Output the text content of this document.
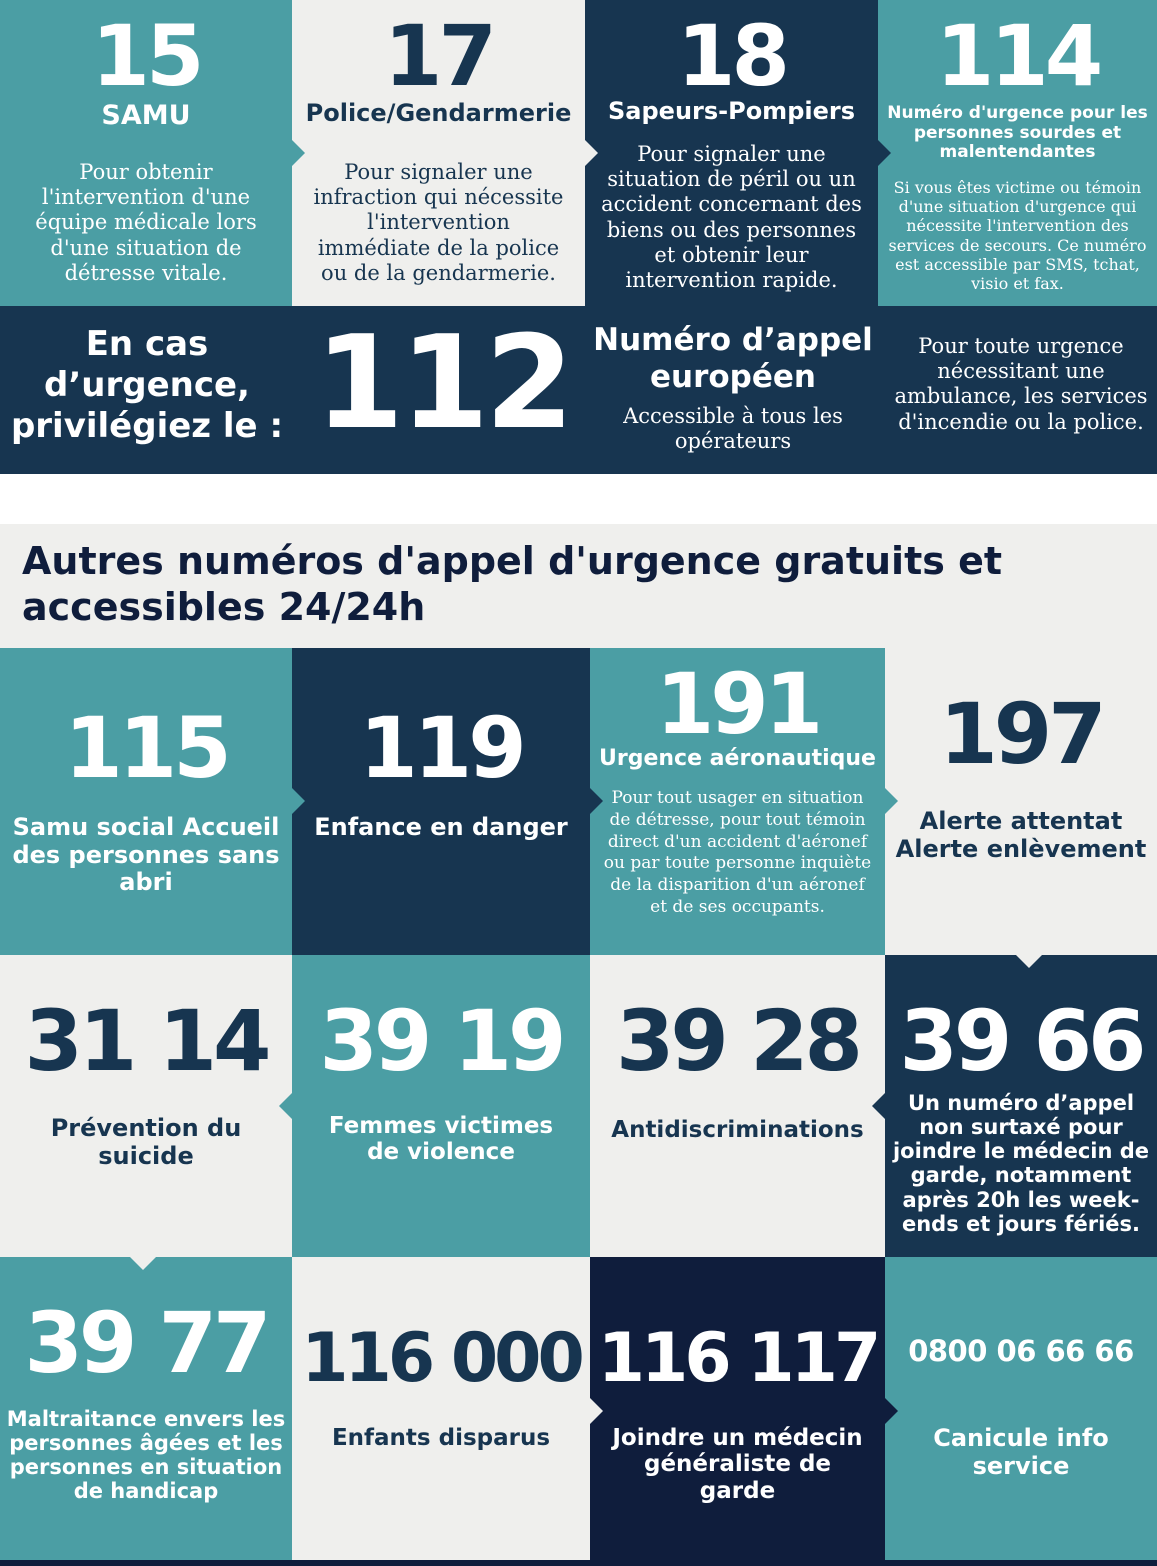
15
SAMU
Pour obtenir l'intervention d'une équipe médicale lors d'une situation de détresse vitale.
17
Police/Gendarmerie
Pour signaler une infraction qui nécessite l'intervention immédiate de la police ou de la gendarmerie.
18
Sapeurs-Pompiers
Pour signaler une situation de péril ou un accident concernant des biens ou des personnes et obtenir leur intervention rapide.
114
Numéro d'urgence pour les personnes sourdes et malentendantes
Si vous êtes victime ou témoin d'une situation d'urgence qui nécessite l'intervention des services de secours. Ce numéro est accessible par SMS, tchat, visio et fax.
En cas d’urgence, privilégiez le : 112 Numéro d’appel européen
Accessible à tous les opérateurs
Pour toute urgence nécessitant une ambulance, les services d'incendie ou la police.
Autres numéros d'appel d'urgence gratuits et accessibles 24/24h
115
Samu social Accueil des personnes sans abri
119
Enfance en danger
191
Urgence aéronautique
Pour tout usager en situation de détresse, pour tout témoin direct d'un accident d'aéronef ou par toute personne inquiète de la disparition d'un aéronef et de ses occupants.
197
Alerte attentat Alerte enlèvement
31 14
Prévention du suicide
39 19
Femmes victimes de violence
39 28
Antidiscriminations
39 66
Un numéro d’appel non surtaxé pour joindre le médecin de garde, notamment après 20h les week-ends et jours fériés.
39 77
Maltraitance envers les personnes âgées et les personnes en situation de handicap
116 000
Enfants disparus
116 117
Joindre un médecin généraliste de garde
0800 06 66 66
Canicule info service
